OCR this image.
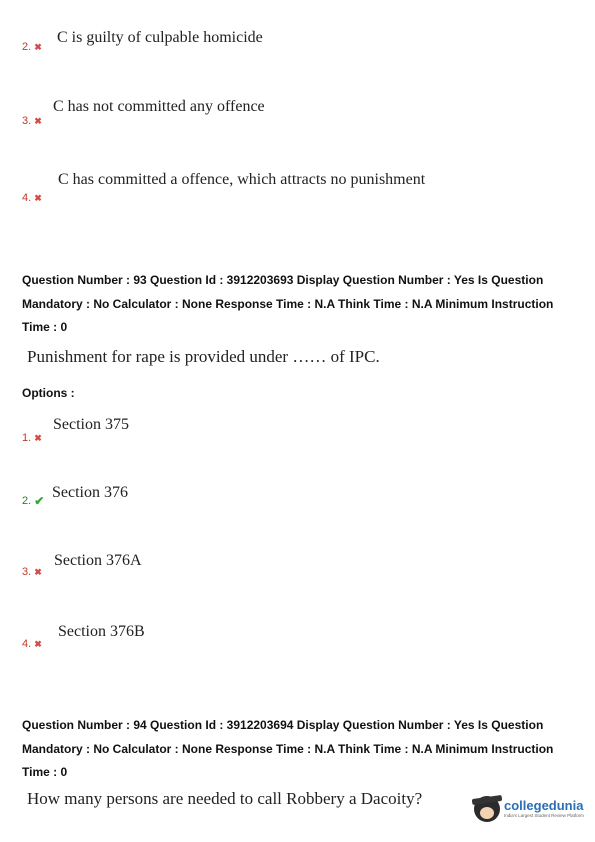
C is guilty of culpable homicide
2. ✖
C has not committed any offence
3. ✖
C has committed a offence, which attracts no punishment
4. ✖
Question Number : 93 Question Id : 3912203693 Display Question Number : Yes Is Question Mandatory : No Calculator : None Response Time : N.A Think Time : N.A Minimum Instruction Time : 0
Punishment for rape is provided under …… of IPC.
Options :
Section 375
1. ✖
Section 376
2. ✔
Section 376A
3. ✖
Section 376B
4. ✖
Question Number : 94 Question Id : 3912203694 Display Question Number : Yes Is Question Mandatory : No Calculator : None Response Time : N.A Think Time : N.A Minimum Instruction Time : 0
How many persons are needed to call Robbery a Dacoity?	collegedunia
India's Largest Student Review Platform
